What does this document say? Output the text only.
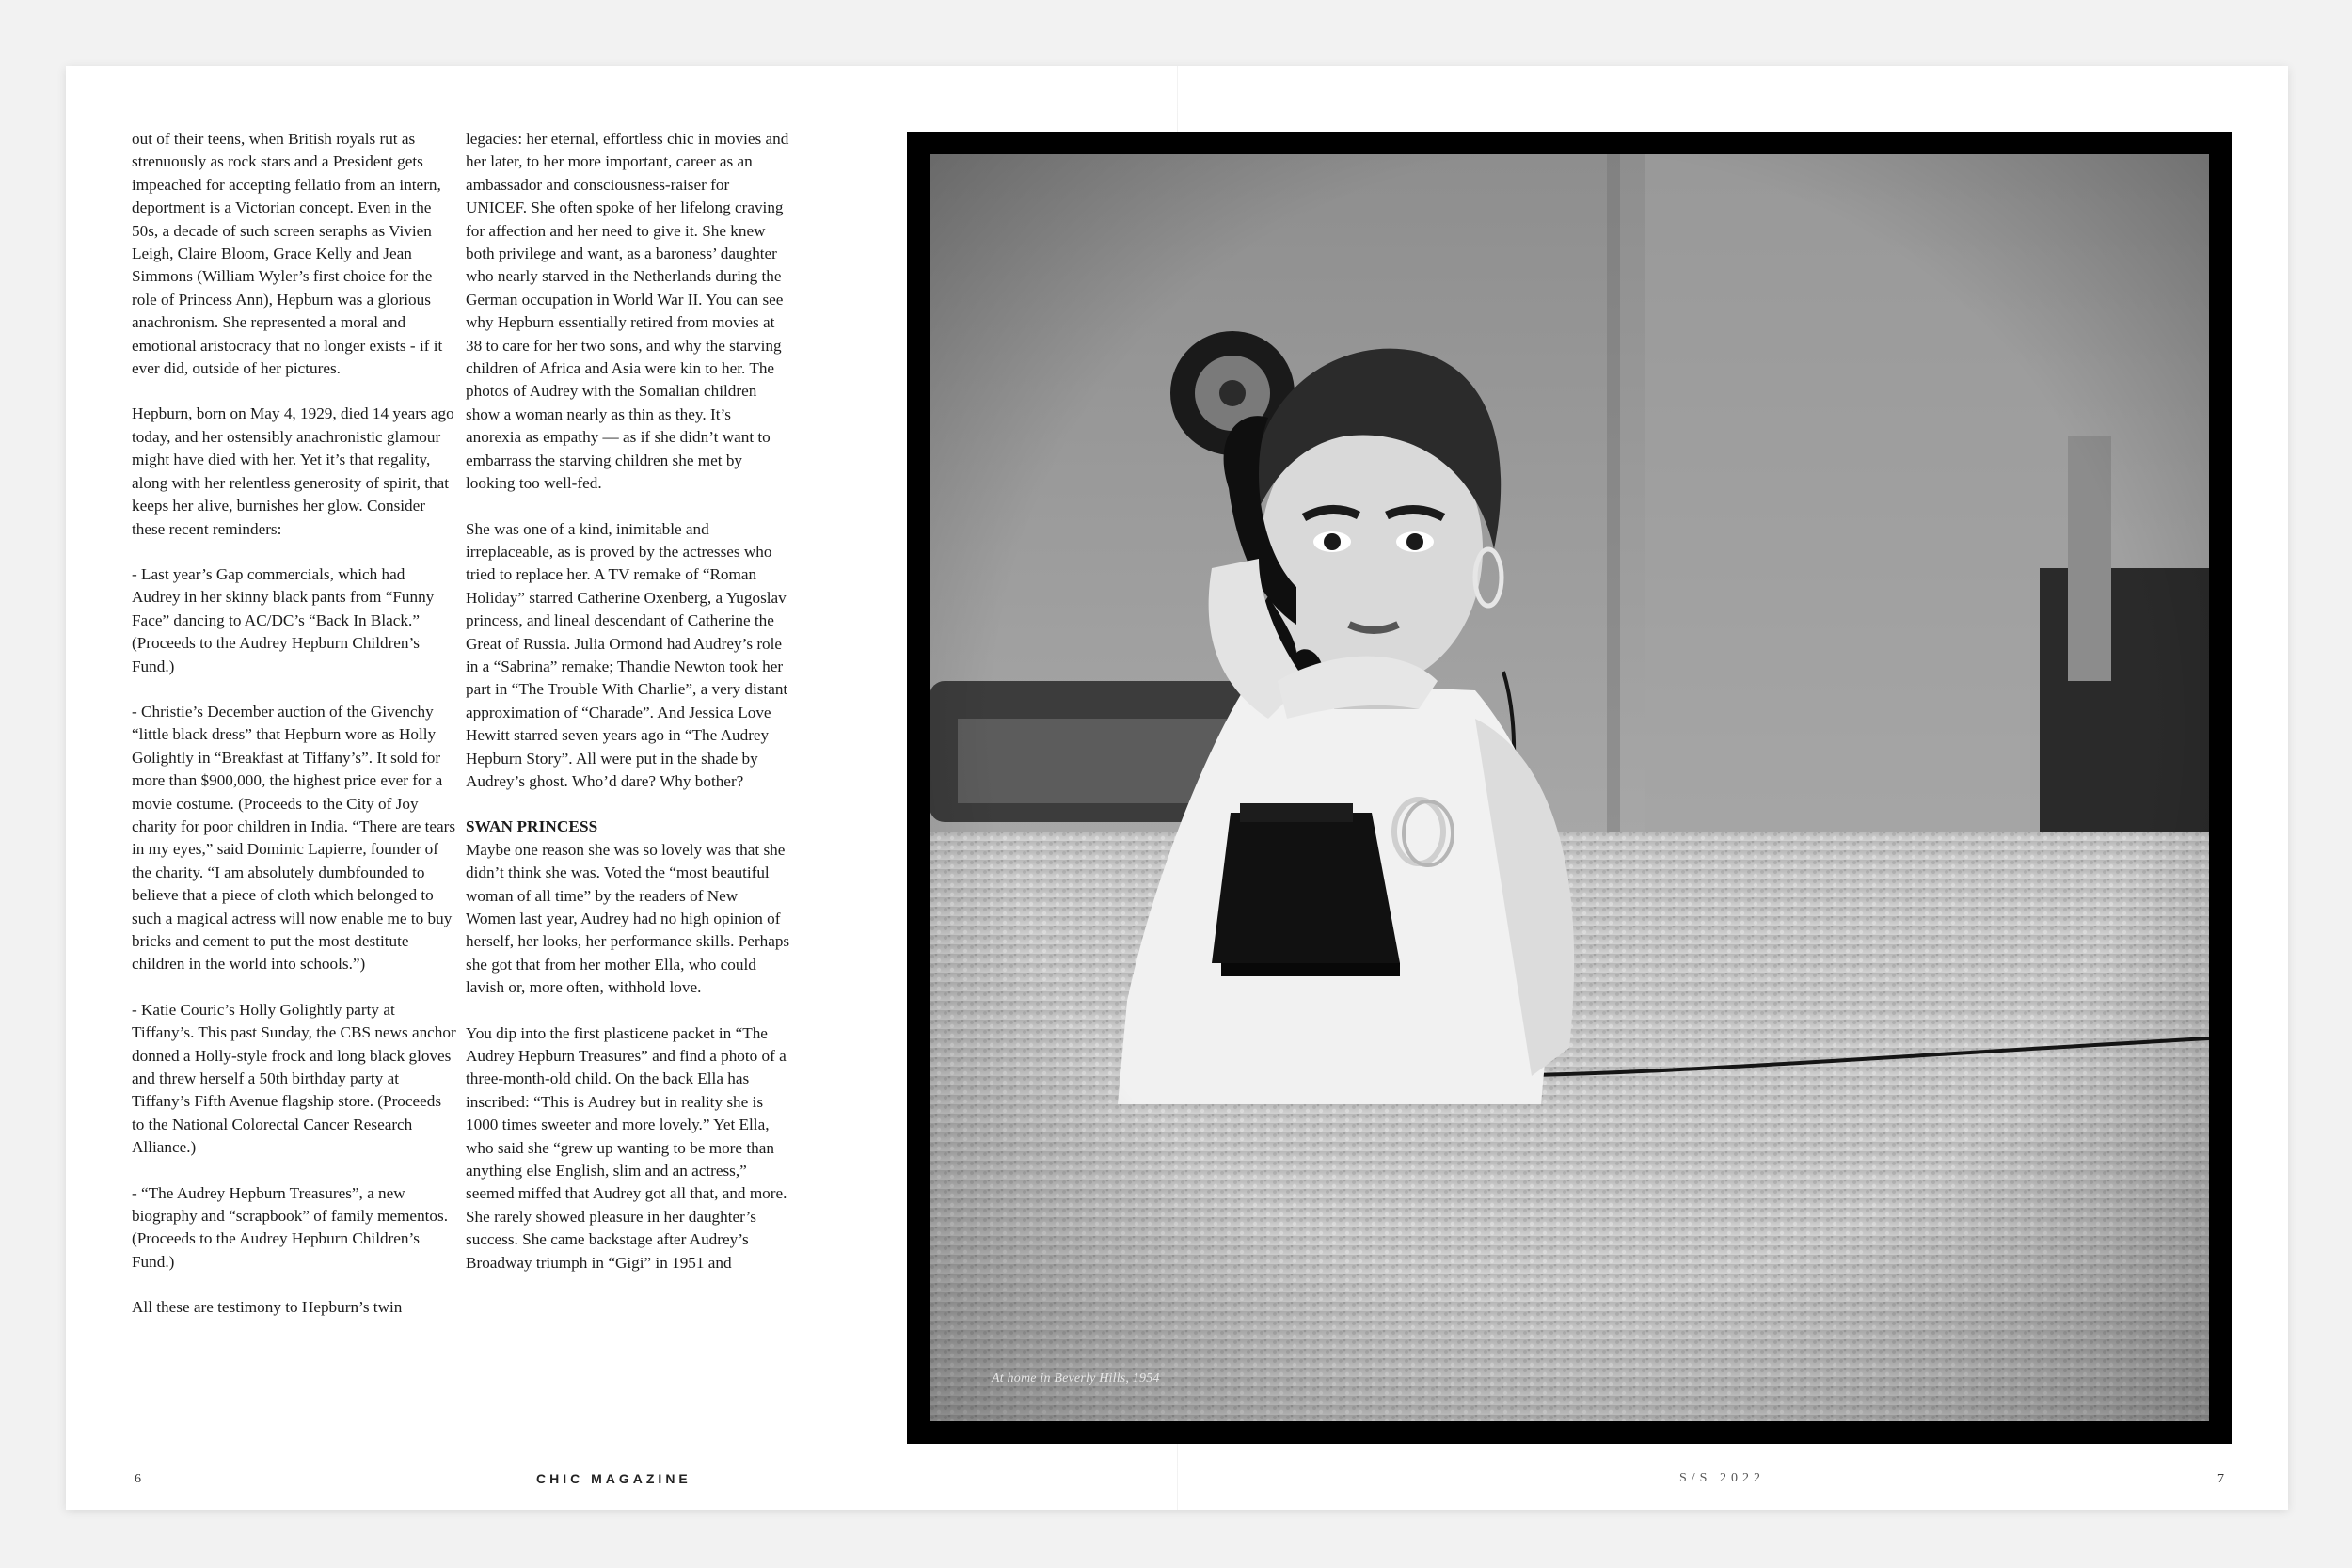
out of their teens, when British royals rut as strenuously as rock stars and a President gets impeached for accepting fellatio from an intern, deportment is a Victorian concept. Even in the 50s, a decade of such screen seraphs as Vivien Leigh, Claire Bloom, Grace Kelly and Jean Simmons (William Wyler’s first choice for the role of Princess Ann), Hepburn was a glorious anachronism. She represented a moral and emotional aristocracy that no longer exists - if it ever did, outside of her pictures.

Hepburn, born on May 4, 1929, died 14 years ago today, and her ostensibly anachronistic glamour might have died with her. Yet it’s that regality, along with her relentless generosity of spirit, that keeps her alive, burnishes her glow. Consider these recent reminders:

- Last year’s Gap commercials, which had Audrey in her skinny black pants from “Funny Face” dancing to AC/DC’s “Back In Black.” (Proceeds to the Audrey Hepburn Children’s Fund.)

- Christie’s December auction of the Givenchy “little black dress” that Hepburn wore as Holly Golightly in “Breakfast at Tiffany’s”. It sold for more than $900,000, the highest price ever for a movie costume. (Proceeds to the City of Joy charity for poor children in India. “There are tears in my eyes,” said Dominic Lapierre, founder of the charity. “I am absolutely dumbfounded to believe that a piece of cloth which belonged to such a magical actress will now enable me to buy bricks and cement to put the most destitute children in the world into schools.”)

- Katie Couric’s Holly Golightly party at Tiffany’s. This past Sunday, the CBS news anchor donned a Holly-style frock and long black gloves and threw herself a 50th birthday party at Tiffany’s Fifth Avenue flagship store. (Proceeds to the National Colorectal Cancer Research Alliance.)

- “The Audrey Hepburn Treasures”, a new biography and “scrapbook” of family mementos. (Proceeds to the Audrey Hepburn Children’s Fund.)

All these are testimony to Hepburn’s twin

legacies: her eternal, effortless chic in movies and her later, to her more important, career as an ambassador and consciousness-raiser for UNICEF. She often spoke of her lifelong craving for affection and her need to give it. She knew both privilege and want, as a baroness’ daughter who nearly starved in the Netherlands during the German occupation in World War II. You can see why Hepburn essentially retired from movies at 38 to care for her two sons, and why the starving children of Africa and Asia were kin to her. The photos of Audrey with the Somalian children show a woman nearly as thin as they. It’s anorexia as empathy — as if she didn’t want to embarrass the starving children she met by looking too well-fed.

She was one of a kind, inimitable and irreplaceable, as is proved by the actresses who tried to replace her. A TV remake of “Roman Holiday” starred Catherine Oxenberg, a Yugoslav princess, and lineal descendant of Catherine the Great of Russia. Julia Ormond had Audrey’s role in a “Sabrina” remake; Thandie Newton took her part in “The Trouble With Charlie”, a very distant approximation of “Charade”. And Jessica Love Hewitt starred seven years ago in “The Audrey Hepburn Story”. All were put in the shade by Audrey’s ghost. Who’d dare? Why bother?

SWAN PRINCESS

Maybe one reason she was so lovely was that she didn’t think she was. Voted the “most beautiful woman of all time” by the readers of New Women last year, Audrey had no high opinion of herself, her looks, her performance skills. Perhaps she got that from her mother Ella, who could lavish or, more often, withhold love.

You dip into the first plasticene packet in “The Audrey Hepburn Treasures” and find a photo of a three-month-old child. On the back Ella has inscribed: “This is Audrey but in reality she is 1000 times sweeter and more lovely.” Yet Ella, who said she “grew up wanting to be more than anything else English, slim and an actress,” seemed miffed that Audrey got all that, and more. She rarely showed pleasure in her daughter’s success. She came backstage after Audrey’s Broadway triumph in “Gigi” in 1951 and

At home in Beverly Hills, 1954
6	CHIC MAGAZINE	S/S 2022	7
